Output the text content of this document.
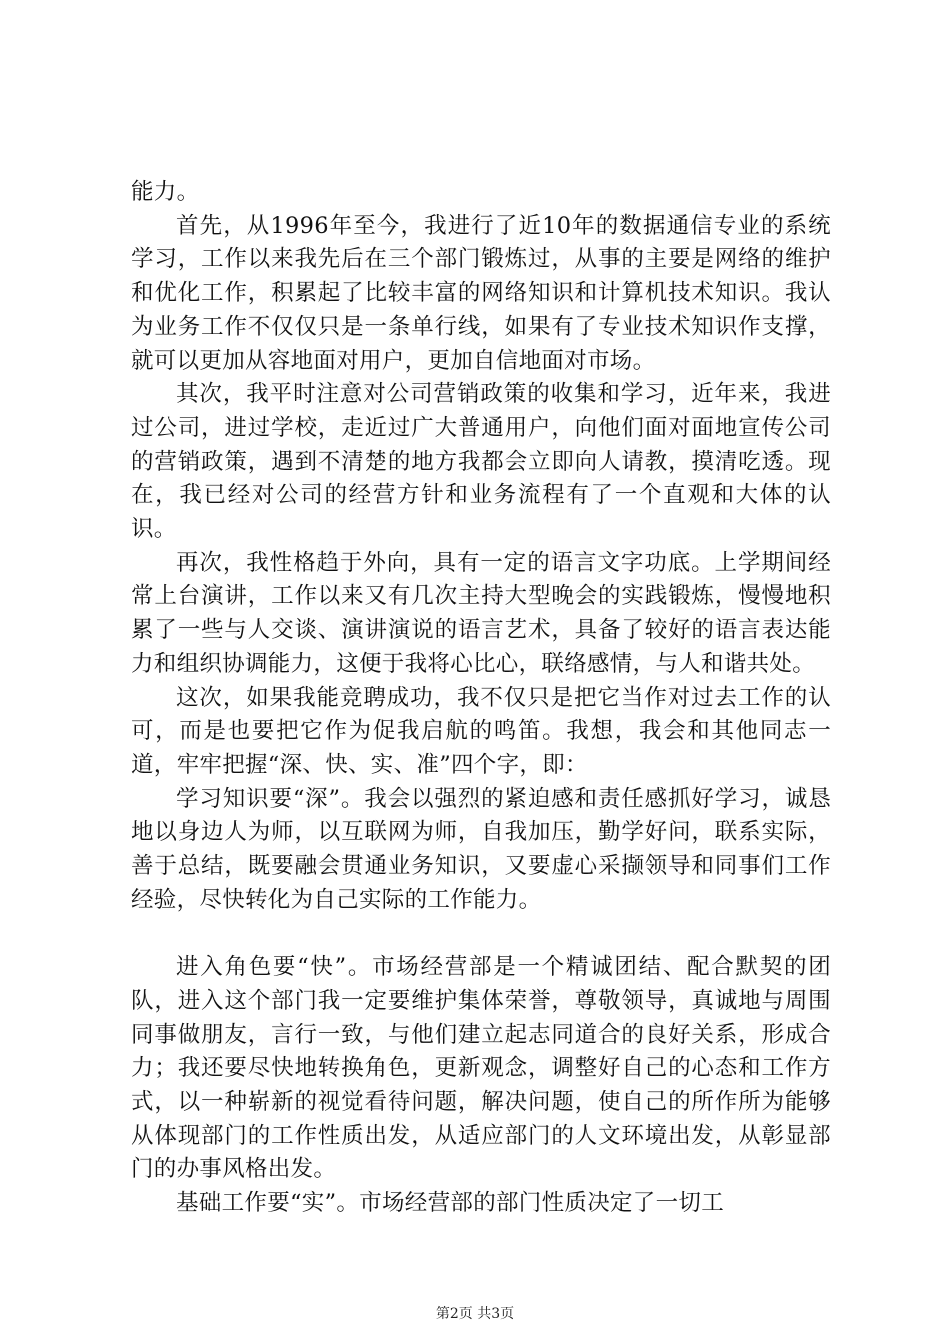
能力。

首先，从1996年至今，我进行了近10年的数据通信专业的系统学习，工作以来我先后在三个部门锻炼过，从事的主要是网络的维护和优化工作，积累起了比较丰富的网络知识和计算机技术知识。我认为业务工作不仅仅只是一条单行线，如果有了专业技术知识作支撑，就可以更加从容地面对用户，更加自信地面对市场。

其次，我平时注意对公司营销政策的收集和学习，近年来，我进过公司，进过学校，走近过广大普通用户，向他们面对面地宣传公司的营销政策，遇到不清楚的地方我都会立即向人请教，摸清吃透。现在，我已经对公司的经营方针和业务流程有了一个直观和大体的认识。

再次，我性格趋于外向，具有一定的语言文字功底。上学期间经常上台演讲，工作以来又有几次主持大型晚会的实践锻炼，慢慢地积累了一些与人交谈、演讲演说的语言艺术，具备了较好的语言表达能力和组织协调能力，这便于我将心比心，联络感情，与人和谐共处。

这次，如果我能竞聘成功，我不仅只是把它当作对过去工作的认可，而是也要把它作为促我启航的鸣笛。我想，我会和其他同志一道，牢牢把握“深、快、实、准”四个字，即：

学习知识要“深”。我会以强烈的紧迫感和责任感抓好学习，诚恳地以身边人为师，以互联网为师，自我加压，勤学好问，联系实际，善于总结，既要融会贯通业务知识，又要虚心采撷领导和同事们工作经验，尽快转化为自己实际的工作能力。

进入角色要“快”。市场经营部是一个精诚团结、配合默契的团队，进入这个部门我一定要维护集体荣誉，尊敬领导，真诚地与周围同事做朋友，言行一致，与他们建立起志同道合的良好关系，形成合力；我还要尽快地转换角色，更新观念，调整好自己的心态和工作方式，以一种崭新的视觉看待问题，解决问题，使自己的所作所为能够从体现部门的工作性质出发，从适应部门的人文环境出发，从彰显部门的办事风格出发。

基础工作要“实”。市场经营部的部门性质决定了一切工

第2页 共3页
